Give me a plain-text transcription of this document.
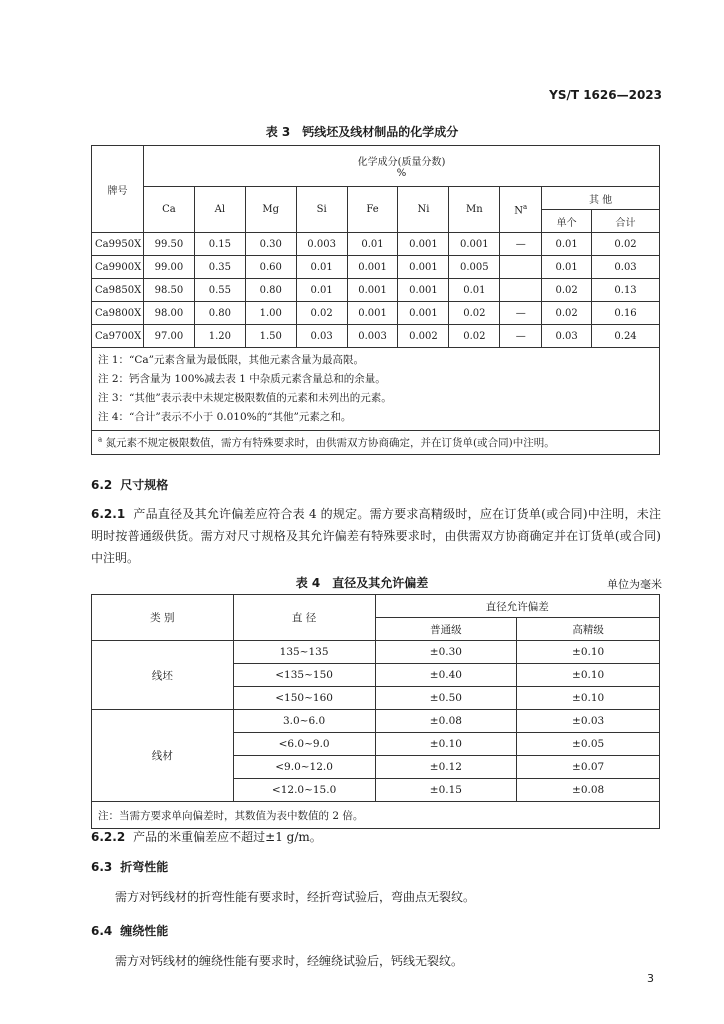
YS/T 1626—2023
表 3　钙线坯及线材制品的化学成分
牌号	化学成分(质量分数)
%									

	Ca	Al	Mg	Si	Fe	Ni	Mn	$N^a$	其 他	
									单个	合计
Ca9950X	99.50	0.15	0.30	0.003	0.01	0.001	0.001	—	0.01	0.02
Ca9900X	99.00	0.35	0.60	0.01	0.001	0.001	0.005		0.01	0.03
Ca9850X	98.50	0.55	0.80	0.01	0.001	0.001	0.01		0.02	0.13
Ca9800X	98.00	0.80	1.00	0.02	0.001	0.001	0.02	—	0.02	0.16
Ca9700X	97.00	1.20	1.50	0.03	0.003	0.002	0.02	—	0.03	0.24

注 1：“Ca”元素含量为最低限，其他元素含量为最高限。
注 2：钙含量为 100%减去表 1 中杂质元素含量总和的余量。
注 3：“其他”表示表中未规定极限数值的元素和未列出的元素。
注 4：“合计”表示不小于 0.010%的“其他”元素之和。										

$^a$ 氮元素不规定极限数值，需方有特殊要求时，由供需双方协商确定，并在订货单(或合同)中注明。										
6.2 尺寸规格
6.2.1 产品直径及其允许偏差应符合表 4 的规定。需方要求高精级时，应在订货单(或合同)中注明，未注明时按普通级供货。需方对尺寸规格及其允许偏差有特殊要求时，由供需双方协商确定并在订货单(或合同)中注明。
表 4　直径及其允许偏差	单位为毫米
类 别	直 径	直径允许偏差	
		普通级	高精级
线坯	135~135	±0.30	±0.10
	<135~150	±0.40	±0.10
	<150~160	±0.50	±0.10
线材	3.0~6.0	±0.08	±0.03
	<6.0~9.0	±0.10	±0.05
	<9.0~12.0	±0.12	±0.07
	<12.0~15.0	±0.15	±0.08
注：当需方要求单向偏差时，其数值为表中数值的 2 倍。			
6.2.2 产品的米重偏差应不超过±1 g/m。
6.3 折弯性能
需方对钙线材的折弯性能有要求时，经折弯试验后，弯曲点无裂纹。
6.4 缠绕性能
需方对钙线材的缠绕性能有要求时，经缠绕试验后，钙线无裂纹。
3
